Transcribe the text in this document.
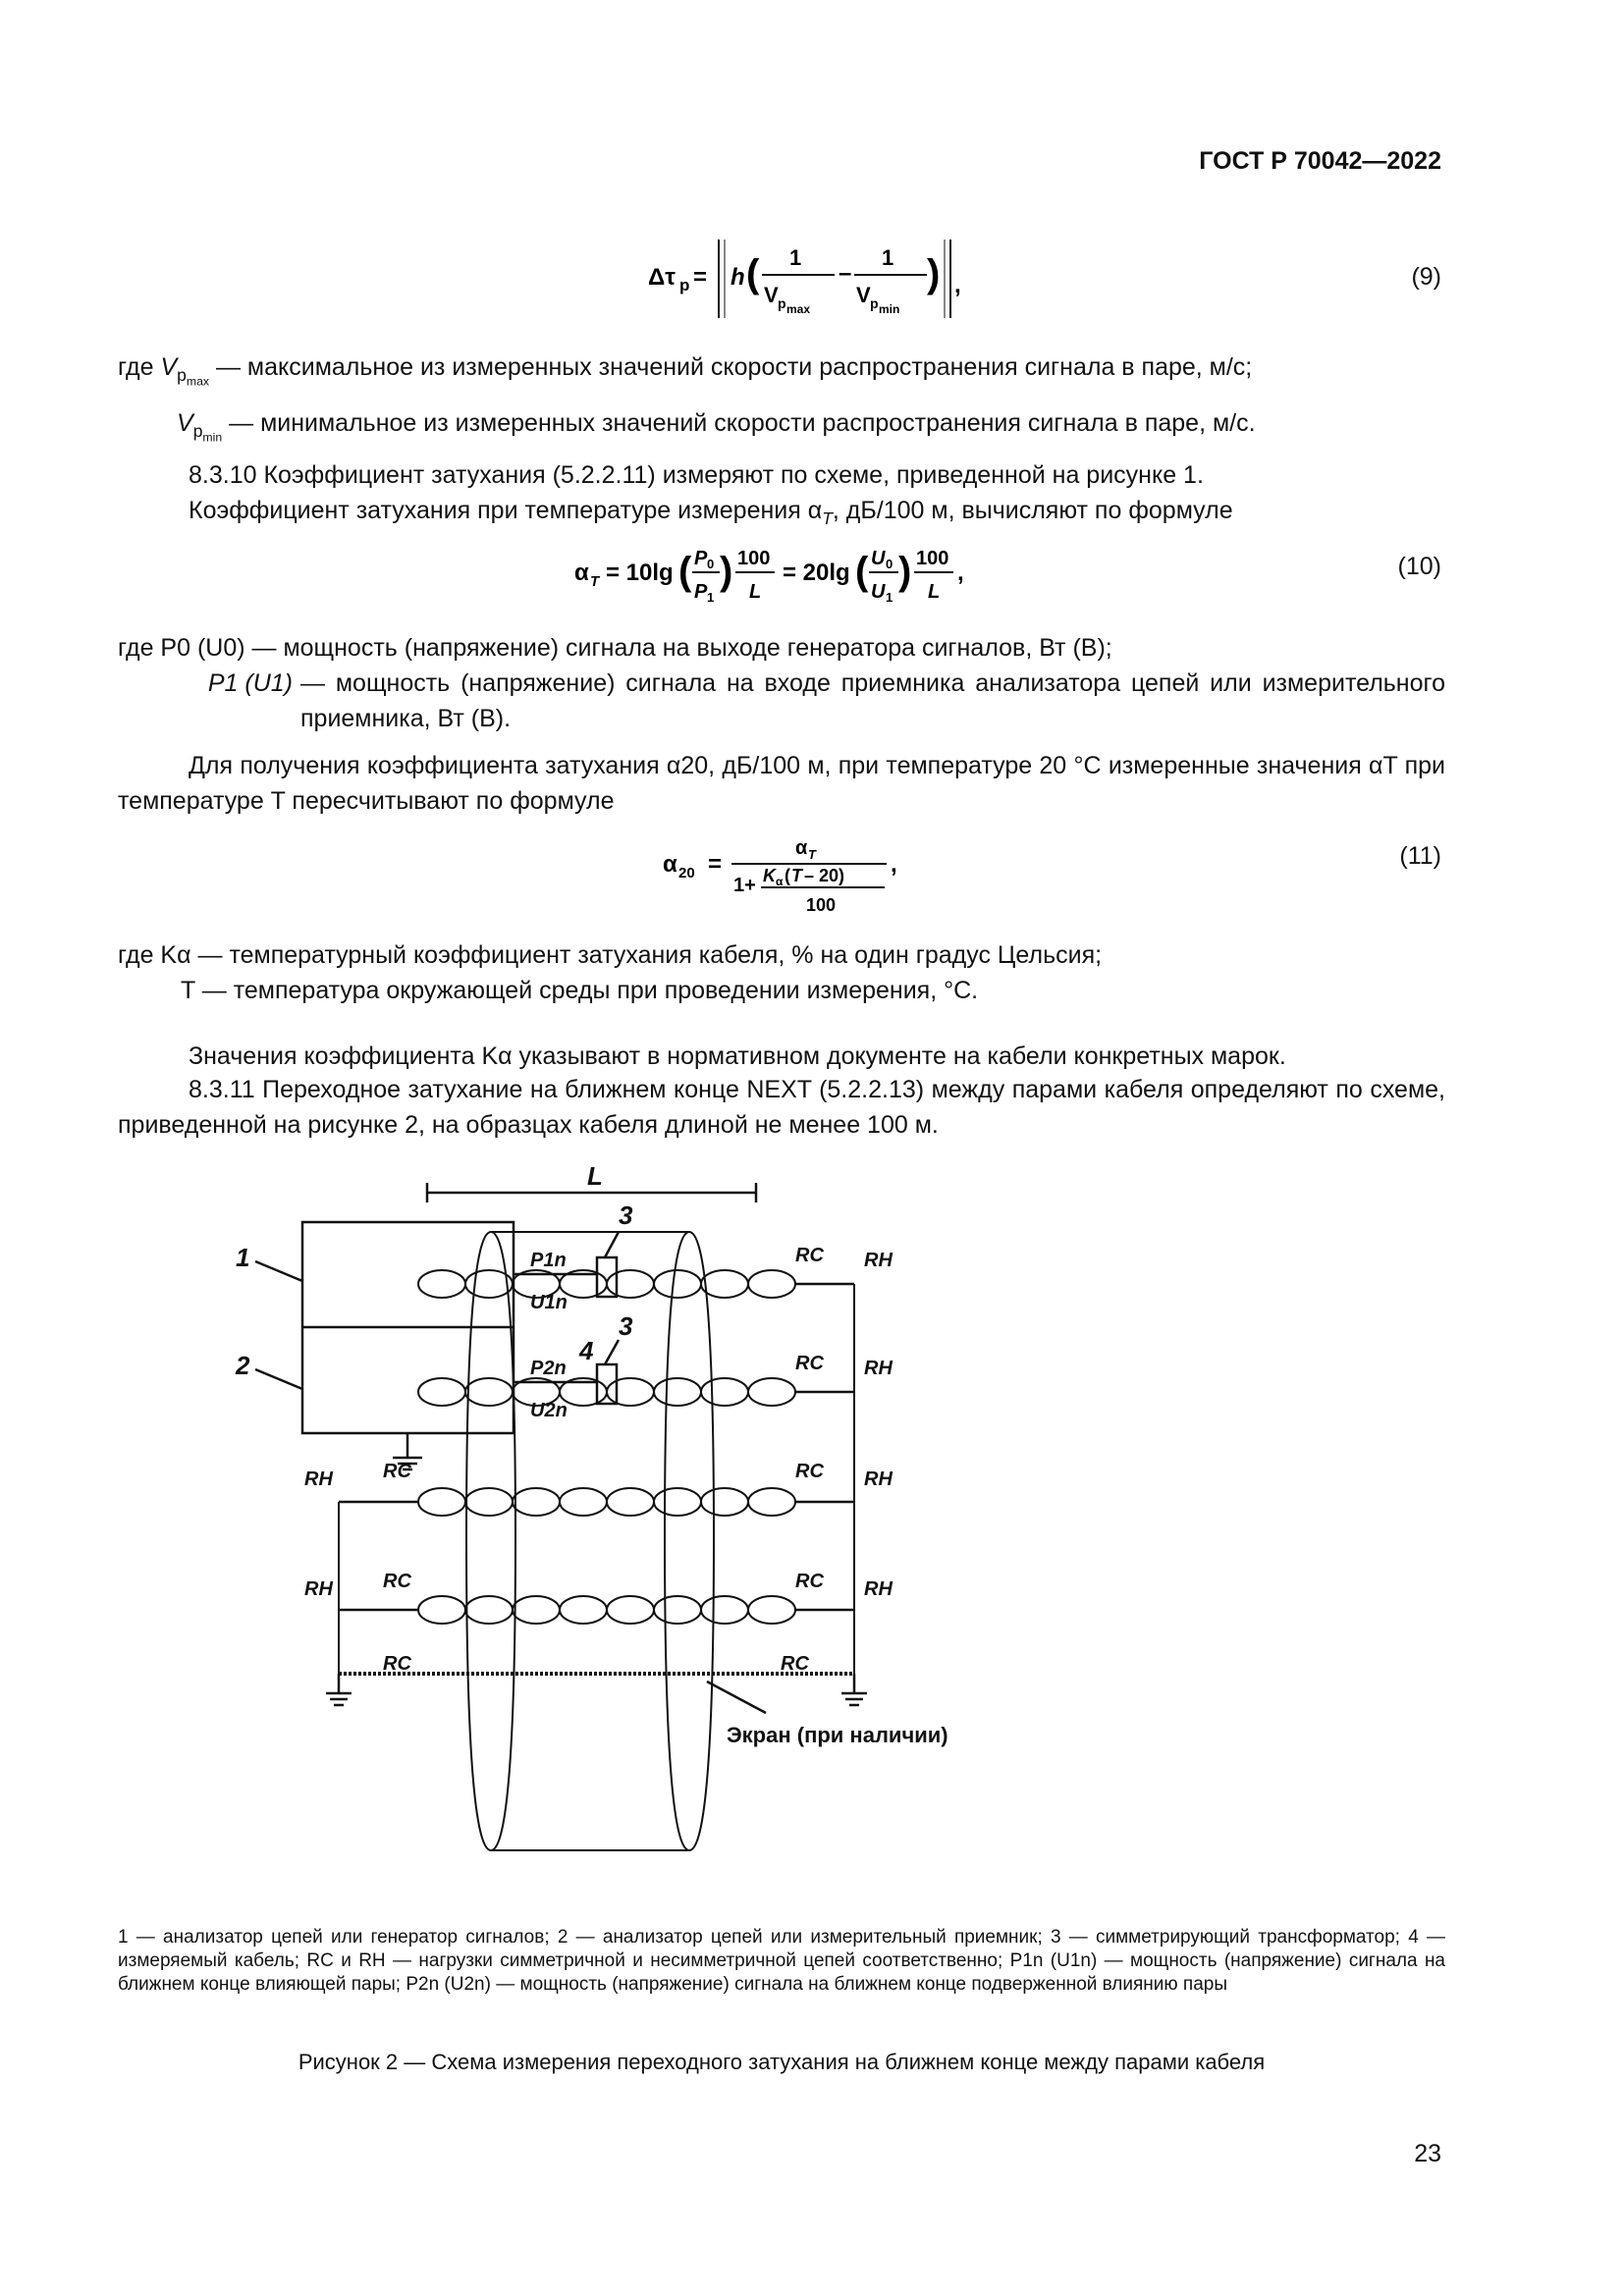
ГОСТ Р 70042—2022
Δτ p = h ( 1
V p max
–
1
V p min
) ,	(9)
где $V_{p_{max}}$ — максимальное из измеренных значений скорости распространения сигнала в паре, м/с;
$V_{p_{min}}$ — минимальное из измеренных значений скорости распространения сигнала в паре, м/с.
8.3.10 Коэффициент затухания (5.2.2.11) измеряют по схеме, приведенной на рисунке 1.
Коэффициент затухания при температуре измерения $\alpha_T$, дБ/100 м, вычисляют по формуле
α T = 10lg ( P 0
P 1
) 100
L
= 20lg ( U 0
U 1
) 100
L
,	(10)
где P0 (U0) — мощность (напряжение) сигнала на выходе генератора сигналов, Вт (В);
P1 (U1) — мощность (напряжение) сигнала на входе приемника анализатора цепей или измерительного приемника, Вт (В).
Для получения коэффициента затухания α20, дБ/100 м, при температуре 20 °С измеренные значения αT при температуре T пересчитывают по формуле
α 20 =
α T
1+ K α ( T – 20)
100
,	(11)
где Kα — температурный коэффициент затухания кабеля, % на один градус Цельсия;
T — температура окружающей среды при проведении измерения, °С.
Значения коэффициента Kα указывают в нормативном документе на кабели конкретных марок.
8.3.11 Переходное затухание на ближнем конце NEXT (5.2.2.13) между парами кабеля определяют по схеме, приведенной на рисунке 2, на образцах кабеля длиной не менее 100 м.
1
2
3
3
4
L
P1n
U1n
P2n
U2n
RC RН
RC RН
RC RН
RC RН
RC
RН
RC
RН
RC	RC
Экран (при наличии)
1 — анализатор цепей или генератор сигналов; 2 — анализатор цепей или измерительный приемник; 3 — симметрирующий трансформатор; 4 — измеряемый кабель; RC и RН — нагрузки симметричной и несимметричной цепей соответственно; P1n (U1n) — мощность (напряжение) сигнала на ближнем конце влияющей пары; P2n (U2n) — мощность (напряжение) сигнала на ближнем конце подверженной влиянию пары
Рисунок 2 — Схема измерения переходного затухания на ближнем конце между парами кабеля
23
